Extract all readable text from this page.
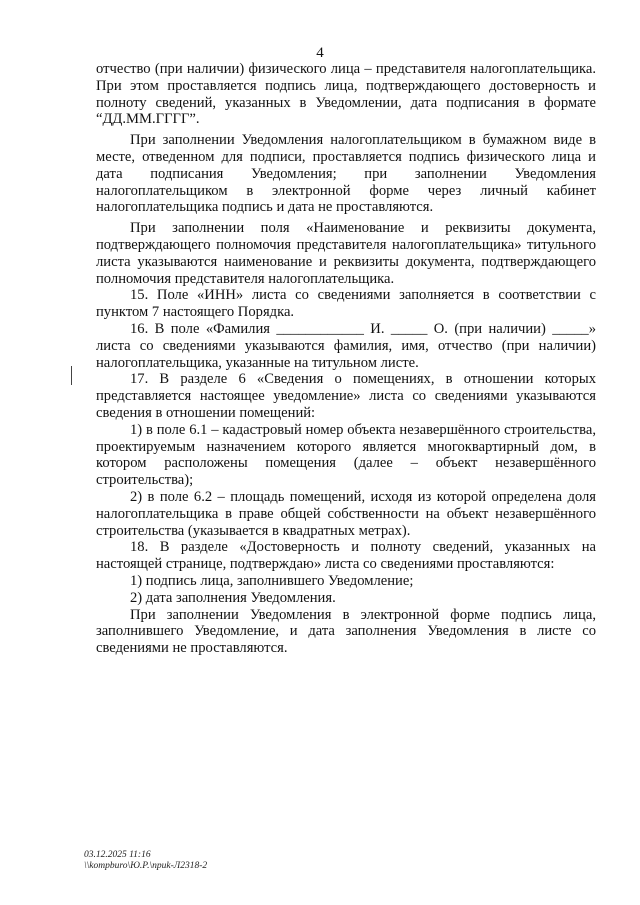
4

отчество (при наличии) физического лица – представителя налогоплательщика. При этом проставляется подпись лица, подтверждающего достоверность и полноту сведений, указанных в Уведомлении, дата подписания в формате “ДД.ММ.ГГГГ”.

При заполнении Уведомления налогоплательщиком в бумажном виде в месте, отведенном для подписи, проставляется подпись физического лица и дата подписания Уведомления; при заполнении Уведомления налогоплательщиком в электронной форме через личный кабинет налогоплательщика подпись и дата не проставляются.

При заполнении поля «Наименование и реквизиты документа, подтверждающего полномочия представителя налогоплательщика» титульного листа указываются наименование и реквизиты документа, подтверждающего полномочия представителя налогоплательщика.

15. Поле «ИНН» листа со сведениями заполняется в соответствии с пунктом 7 настоящего Порядка.

16. В поле «Фамилия ____________ И. _____ О. (при наличии) _____» листа со сведениями указываются фамилия, имя, отчество (при наличии) налогоплательщика, указанные на титульном листе.

17. В разделе 6 «Сведения о помещениях, в отношении которых представляется настоящее уведомление» листа со сведениями указываются сведения в отношении помещений:

1) в поле 6.1 – кадастровый номер объекта незавершённого строительства, проектируемым назначением которого является многоквартирный дом, в котором расположены помещения (далее – объект незавершённого строительства);

2) в поле 6.2 – площадь помещений, исходя из которой определена доля налогоплательщика в праве общей собственности на объект незавершённого строительства (указывается в квадратных метрах).

18. В разделе «Достоверность и полноту сведений, указанных на настоящей странице, подтверждаю» листа со сведениями проставляются:

1) подпись лица, заполнившего Уведомление;

2) дата заполнения Уведомления.

При заполнении Уведомления в электронной форме подпись лица, заполнившего Уведомление, и дата заполнения Уведомления в листе со сведениями не проставляются.

03.12.2025 11:16
\\kompburo\Ю.Р.\приk-Л2318-2
